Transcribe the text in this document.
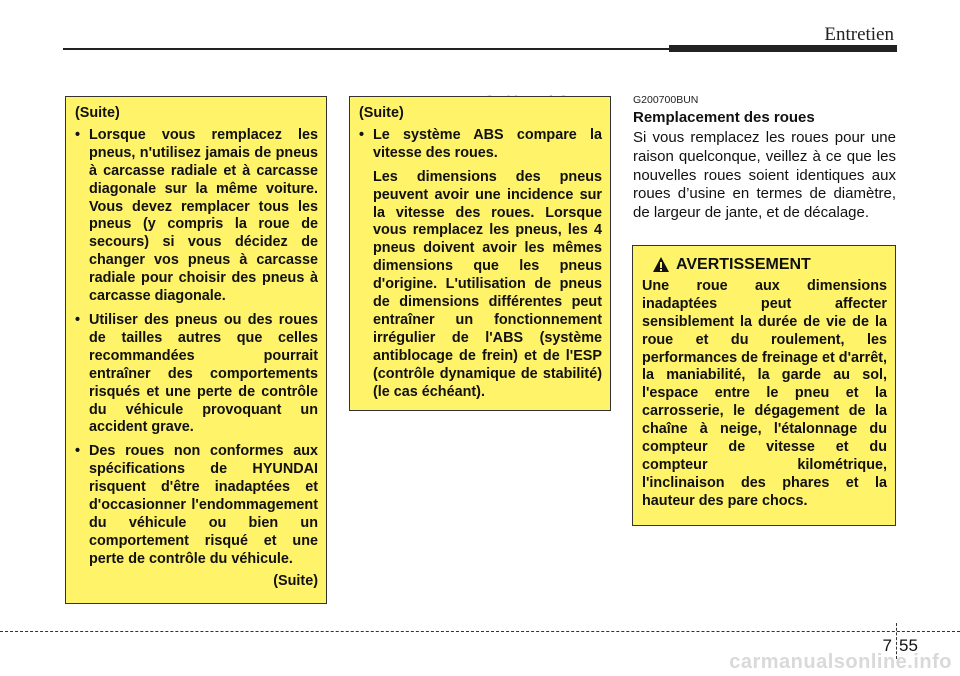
Entretien
(Suite)
• Lorsque vous remplacez les pneus, n'utilisez jamais de pneus à carcasse radiale et à carcasse diagonale sur la même voiture. Vous devez remplacer tous les pneus (y compris la roue de secours) si vous décidez de changer vos pneus à carcasse radiale pour choisir des pneus à carcasse diagonale.
• Utiliser des pneus ou des roues de tailles autres que celles recommandées pourrait entraîner des comportements risqués et une perte de contrôle du véhicule provoquant un accident grave.
• Des roues non conformes aux spécifications de HYUNDAI risquent d'être inadaptées et d'occasionner l'endommagement du véhicule ou bien un comportement risqué et une perte de contrôle du véhicule.
(Suite)
(Suite)
• Le système ABS compare la vitesse des roues.
Les dimensions des pneus peuvent avoir une incidence sur la vitesse des roues. Lorsque vous remplacez les pneus, les 4 pneus doivent avoir les mêmes dimensions que les pneus d'origine. L'utilisation de pneus de dimensions différentes peut entraîner un fonctionnement irrégulier de l'ABS (système antiblocage de frein) et de l'ESP (contrôle dynamique de stabilité) (le cas échéant).
G200700BUN
Remplacement des roues
Si vous remplacez les roues pour une raison quelconque, veillez à ce que les nouvelles roues soient identiques aux roues d’usine en termes de diamètre, de largeur de jante, et de décalage.
AVERTISSEMENT
Une roue aux dimensions inadaptées peut affecter sensiblement la durée de vie de la roue et du roulement, les performances de freinage et d'arrêt, la maniabilité, la garde au sol, l'espace entre le pneu et la carrosserie, le dégagement de la chaîne à neige, l'étalonnage du compteur de vitesse et du compteur kilométrique, l'inclinaison des phares et la hauteur des pare chocs.
7 55
carmanualsonline.info
